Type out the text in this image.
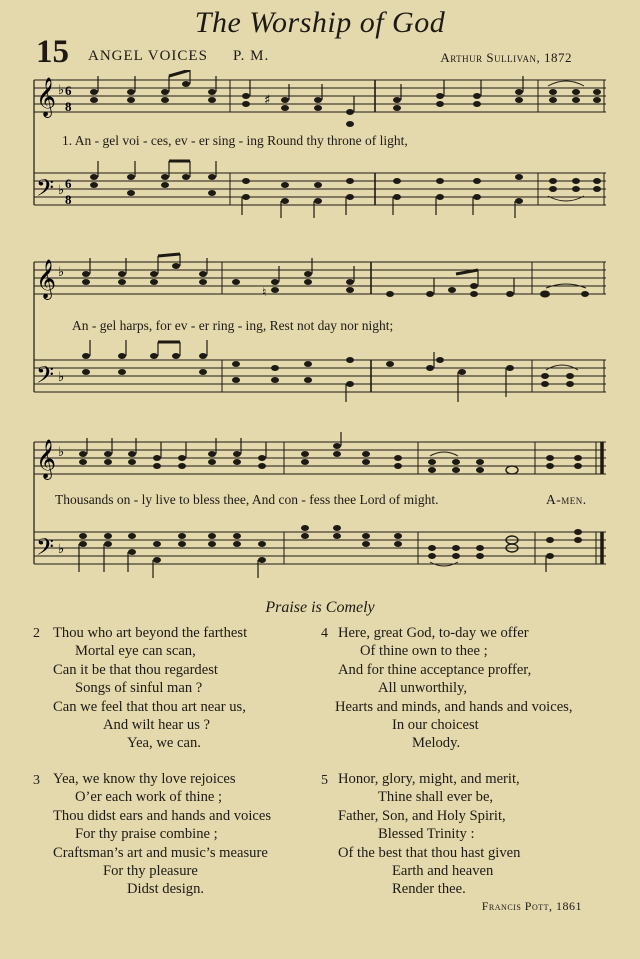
The Worship of God
15 ANGEL VOICES P. M.	Arthur Sullivan, 1872
𝄞 ♭ 6
8
𝄢 ♭ 6
8
♯
1. An - gel voi - ces, ev - er sing - ing Round thy throne of light,
𝄞 ♭
𝄢 ♭
♮
An - gel harps, for ev - er ring - ing, Rest not day nor night;
𝄞 ♭
𝄢 ♭
Thousands on - ly live to bless thee, And con - fess thee Lord of might.	A-men.
Praise is Comely
2 Thou who art beyond the farthest
Mortal eye can scan,
Can it be that thou regardest
Songs of sinful man ?
Can we feel that thou art near us,
And wilt hear us ?
Yea, we can.
3 Yea, we know thy love rejoices
O’er each work of thine ;
Thou didst ears and hands and voices
For thy praise combine ;
Craftsman’s art and music’s measure
For thy pleasure
Didst design.
4 Here, great God, to-day we offer
Of thine own to thee ;
And for thine acceptance proffer,
All unworthily,
Hearts and minds, and hands and voices,
In our choicest
Melody.
5 Honor, glory, might, and merit,
Thine shall ever be,
Father, Son, and Holy Spirit,
Blessed Trinity :
Of the best that thou hast given
Earth and heaven
Render thee.
Francis Pott, 1861
